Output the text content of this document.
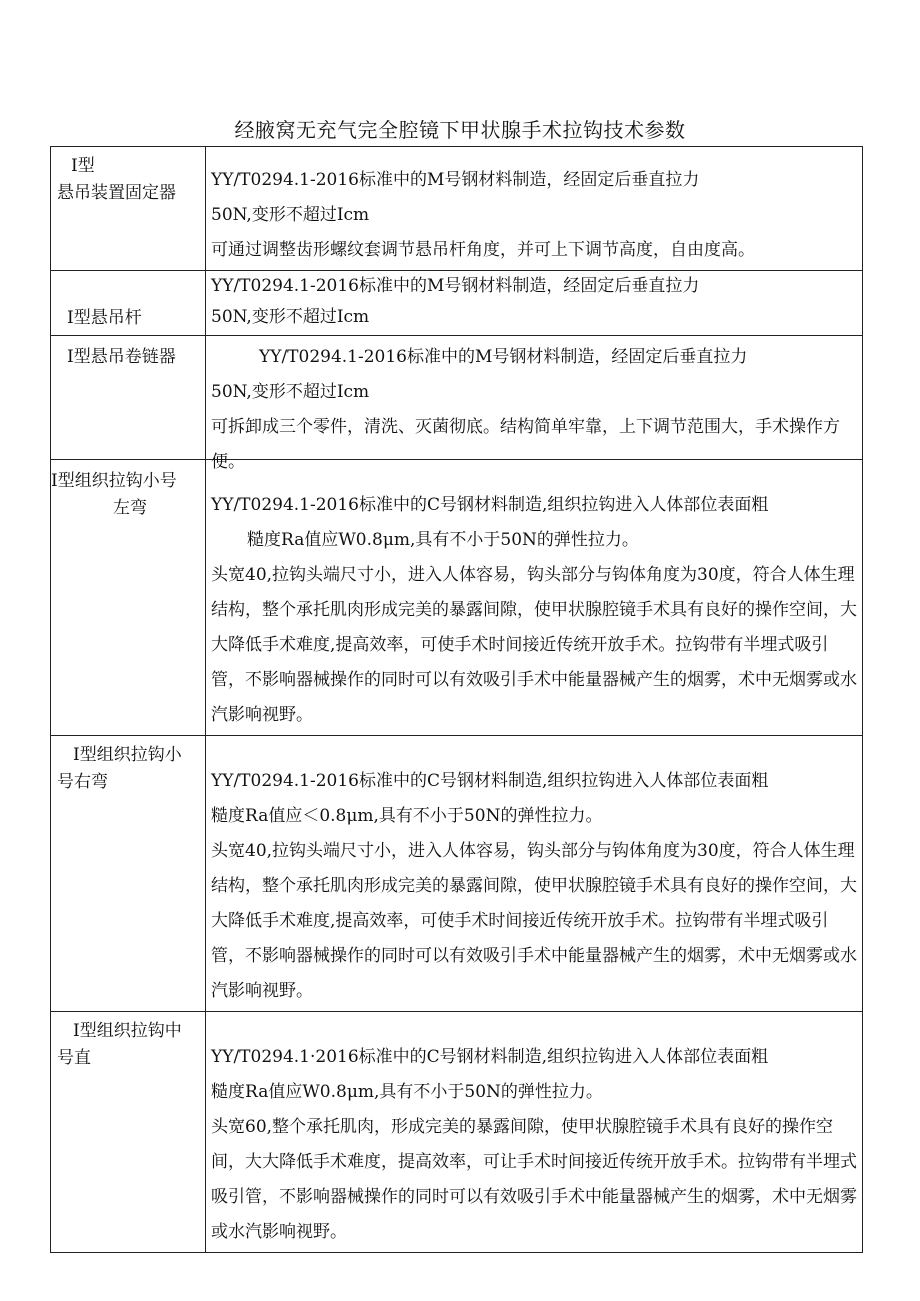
经腋窝无充气完全腔镜下甲状腺手术拉钩技术参数
I型
悬吊装置固定器	YY/T0294.1-2016标准中的M号钢材料制造，经固定后垂直拉力
50N,变形不超过Icm
可通过调整齿形螺纹套调节悬吊杆角度，并可上下调节高度，自由度高。

I型悬吊杆	YY/T0294.1-2016标准中的M号钢材料制造，经固定后垂直拉力
50N,变形不超过Icm

I型悬吊卷链器	YY/T0294.1-2016标准中的M号钢材料制造，经固定后垂直拉力
50N,变形不超过Icm
可拆卸成三个零件，清洗、灭菌彻底。结构简单牢靠，上下调节范围大，手术操作方便。

I型组织拉钩小号
左弯	YY/T0294.1-2016标准中的C号钢材料制造,组织拉钩进入人体部位表面粗
糙度Ra值应W0.8μm,具有不小于50N的弹性拉力。
头宽40,拉钩头端尺寸小，进入人体容易，钩头部分与钩体角度为30度，符合人体生理结构，整个承托肌肉形成完美的暴露间隙，使甲状腺腔镜手术具有良好的操作空间，大大降低手术难度,提高效率，可使手术时间接近传统开放手术。拉钩带有半埋式吸引管，不影响器械操作的同时可以有效吸引手术中能量器械产生的烟雾，术中无烟雾或水汽影响视野。

I型组织拉钩小
号右弯	YY/T0294.1-2016标准中的C号钢材料制造,组织拉钩进入人体部位表面粗
糙度Ra值应＜0.8μm,具有不小于50N的弹性拉力。
头宽40,拉钩头端尺寸小，进入人体容易，钩头部分与钩体角度为30度，符合人体生理结构，整个承托肌肉形成完美的暴露间隙，使甲状腺腔镜手术具有良好的操作空间，大大降低手术难度,提高效率，可使手术时间接近传统开放手术。拉钩带有半埋式吸引管，不影响器械操作的同时可以有效吸引手术中能量器械产生的烟雾，术中无烟雾或水汽影响视野。

I型组织拉钩中
号直	YY/T0294.1·2016标准中的C号钢材料制造,组织拉钩进入人体部位表面粗
糙度Ra值应W0.8μm,具有不小于50N的弹性拉力。
头宽60,整个承托肌肉，形成完美的暴露间隙，使甲状腺腔镜手术具有良好的操作空间，大大降低手术难度，提高效率，可让手术时间接近传统开放手术。拉钩带有半埋式吸引管，不影响器械操作的同时可以有效吸引手术中能量器械产生的烟雾，术中无烟雾或水汽影响视野。
